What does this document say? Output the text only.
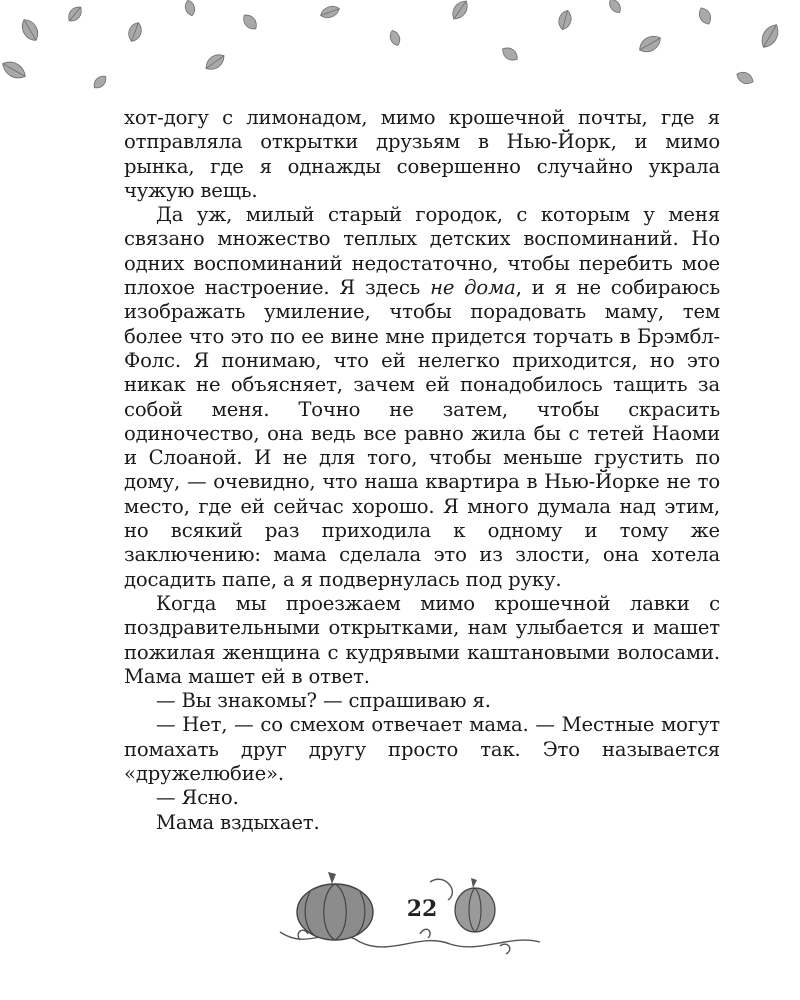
хот-догу с лимонадом, мимо крошечной почты, где я отправляла открытки друзьям в Нью-Йорк, и мимо рынка, где я однажды совершенно случайно украла чужую вещь.

Да уж, милый старый городок, с которым у меня связано множество теплых детских воспоминаний. Но одних воспоминаний недостаточно, чтобы перебить мое плохое настроение. Я здесь не дома, и я не собираюсь изображать умиление, чтобы порадовать маму, тем более что это по ее вине мне придется торчать в Брэмбл-Фолс. Я понимаю, что ей нелегко приходится, но это никак не объясняет, зачем ей понадобилось тащить за собой меня. Точно не затем, чтобы скрасить одиночество, она ведь все равно жила бы с тетей Наоми и Слоаной. И не для того, чтобы меньше грустить по дому, — очевидно, что наша квартира в Нью-Йорке не то место, где ей сейчас хорошо. Я много думала над этим, но всякий раз приходила к одному и тому же заключению: мама сделала это из злости, она хотела досадить папе, а я подвернулась под руку.

Когда мы проезжаем мимо крошечной лавки с поздравительными открытками, нам улыбается и машет пожилая женщина с кудрявыми каштановыми волосами. Мама машет ей в ответ.

— Вы знакомы? — спрашиваю я.

— Нет, — со смехом отвечает мама. — Местные могут помахать друг другу просто так. Это называется «дружелюбие».

— Ясно.

Мама вздыхает.

22
